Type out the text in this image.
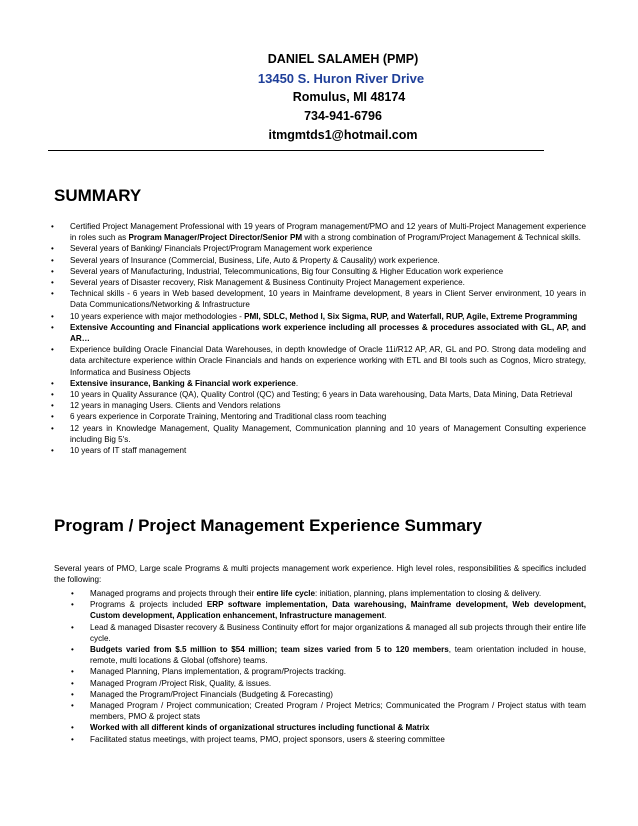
DANIEL SALAMEH (PMP)
13450 S. Huron River Drive
Romulus, MI 48174
734-941-6796
itmgmtds1@hotmail.com
SUMMARY
• Certified Project Management Professional with 19 years of Program management/PMO and 12 years of Multi-Project Management experience in roles such as Program Manager/Project Director/Senior PM with a strong combination of Program/Project Management & Technical skills.
• Several years of Banking/ Financials Project/Program Management work experience
• Several years of Insurance (Commercial, Business, Life, Auto & Property & Causality) work experience.
• Several years of Manufacturing, Industrial, Telecommunications, Big four Consulting & Higher Education work experience
• Several years of Disaster recovery, Risk Management & Business Continuity Project Management experience.
• Technical skills - 6 years in Web based development, 10 years in Mainframe development, 8 years in Client Server environment, 10 years in Data Communications/Networking & Infrastructure
• 10 years experience with major methodologies - PMI, SDLC, Method I, Six Sigma, RUP, and Waterfall, RUP, Agile, Extreme Programming
• Extensive Accounting and Financial applications work experience including all processes & procedures associated with GL, AP, and AR…
• Experience building Oracle Financial Data Warehouses, in depth knowledge of Oracle 11i/R12 AP, AR, GL and PO. Strong data modeling and data architecture experience within Oracle Financials and hands on experience working with ETL and BI tools such as Cognos, Micro strategy, Informatica and Business Objects
• Extensive insurance, Banking & Financial work experience.
• 10 years in Quality Assurance (QA), Quality Control (QC) and Testing; 6 years in Data warehousing, Data Marts, Data Mining, Data Retrieval
• 12 years in managing Users. Clients and Vendors relations
• 6 years experience in Corporate Training, Mentoring and Traditional class room teaching
• 12 years in Knowledge Management, Quality Management, Communication planning and 10 years of Management Consulting experience including Big 5's.
• 10 years of IT staff management
Program / Project Management Experience Summary
Several years of PMO, Large scale Programs & multi projects management work experience. High level roles, responsibilities & specifics included the following:
• Managed programs and projects through their entire life cycle: initiation, planning, plans implementation to closing & delivery.
• Programs & projects included ERP software implementation, Data warehousing, Mainframe development, Web development, Custom development, Application enhancement, Infrastructure management.
• Lead & managed Disaster recovery & Business Continuity effort for major organizations & managed all sub projects through their entire life cycle.
• Budgets varied from $.5 million to $54 million; team sizes varied from 5 to 120 members, team orientation included in house, remote, multi locations & Global (offshore) teams.
• Managed Planning, Plans implementation, & program/Projects tracking.
• Managed Program /Project Risk, Quality, & issues.
• Managed the Program/Project Financials (Budgeting & Forecasting)
• Managed Program / Project communication; Created Program / Project Metrics; Communicated the Program / Project status with team members, PMO & project stats
• Worked with all different kinds of organizational structures including functional & Matrix
• Facilitated status meetings, with project teams, PMO, project sponsors, users & steering committee
